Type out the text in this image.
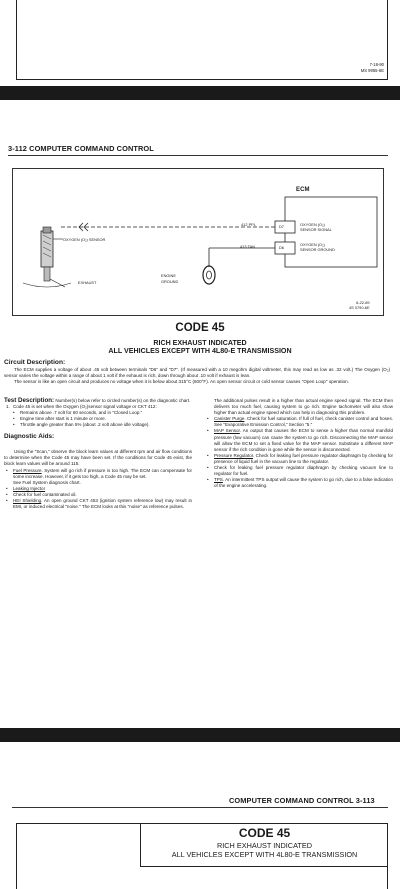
7-18-90
MS 9955-6E
3-112 COMPUTER COMMAND CONTROL
ECM
412 PPL	D7	OXYGEN (O₂)
SENSOR SIGNAL
413 TAN	D6
OXYGEN (O₂)
SENSOR GROUND
OXYGEN (O₂) SENSOR
EXHAUST
ENGINE
GROUND
6-22-89
4S 0790-6E
CODE 45
RICH EXHAUST INDICATED
ALL VEHICLES EXCEPT WITH 4L80-E TRANSMISSION
Circuit Description:

The ECM supplies a voltage of about .45 volt between terminals "D6" and "D7". (If measured with a 10 megohm digital voltmeter, this may read as low as .32 volt.) The Oxygen (O₂) sensor varies the voltage within a range of about 1 volt if the exhaust is rich, down through about .10 volt if exhaust is lean.

The sensor is like an open circuit and produces no voltage when it is below about 315°C (600°F). An open sensor circuit or cold sensor causes "Open Loop" operation.

Test Description: Number(s) below refer to circled number(s) on the diagnostic chart.

1. Code 45 is set when the Oxygen (O₂)sensor signal voltage or CKT 412:
• Remains above .7 volt for 60 seconds, and in "Closed Loop."
• Engine time after start is 1 minute or more.
• Throttle angle greater than 5% (about .2 volt above idle voltage).
Diagnostic Aids:

Using the "Scan," observe the block learn values at different rpm and air flow conditions to determine when the Code 45 may have been set. If the conditions for Code 45 exist, the block learn values will be around 115.

• Fuel Pressure. System will go rich if pressure is too high. The ECM can compensate for some increase. However, if it gets too high, a Code 45 may be set.
See Fuel System diagnosis chart.
• Leaking Injector
• Check for fuel contaminated oil.
• HEI Shielding. An open ground CKT 453 (ignition system reference low) may result in EMI, or induced electrical "noise." The ECM looks at this "noise" as reference pulses.

The additional pulses result in a higher than actual engine speed signal. The ECM then delivers too much fuel, causing system to go rich. Engine tachometer will also show higher than actual engine speed which can help in diagnosing this problem.

• Canister Purge. Check for fuel saturation. If full of fuel, check canister control and hoses. See "Evaporative Emission Control," Section "5."
• MAP Sensor. An output that causes the ECM to sense a higher than normal manifold pressure (low vacuum) can cause the system to go rich. Disconnecting the MAP sensor will allow the ECM to set a fixed value for the MAP sensor. Substitute a different MAP sensor if the rich condition is gone while the sensor is disconnected.
• Pressure Regulator. Check for leaking fuel pressure regulator diaphragm by checking for presence of liquid fuel in the vacuum line to the regulator.
• Check for leaking fuel pressure regulator diaphragm by checking vacuum line to regulator for fuel.
• TPS. An intermittent TPS output will cause the system to go rich, due to a false indication of the engine accelerating.
COMPUTER COMMAND CONTROL 3-113
CODE 45
RICH EXHAUST INDICATED
ALL VEHICLES EXCEPT WITH 4L80-E TRANSMISSION
